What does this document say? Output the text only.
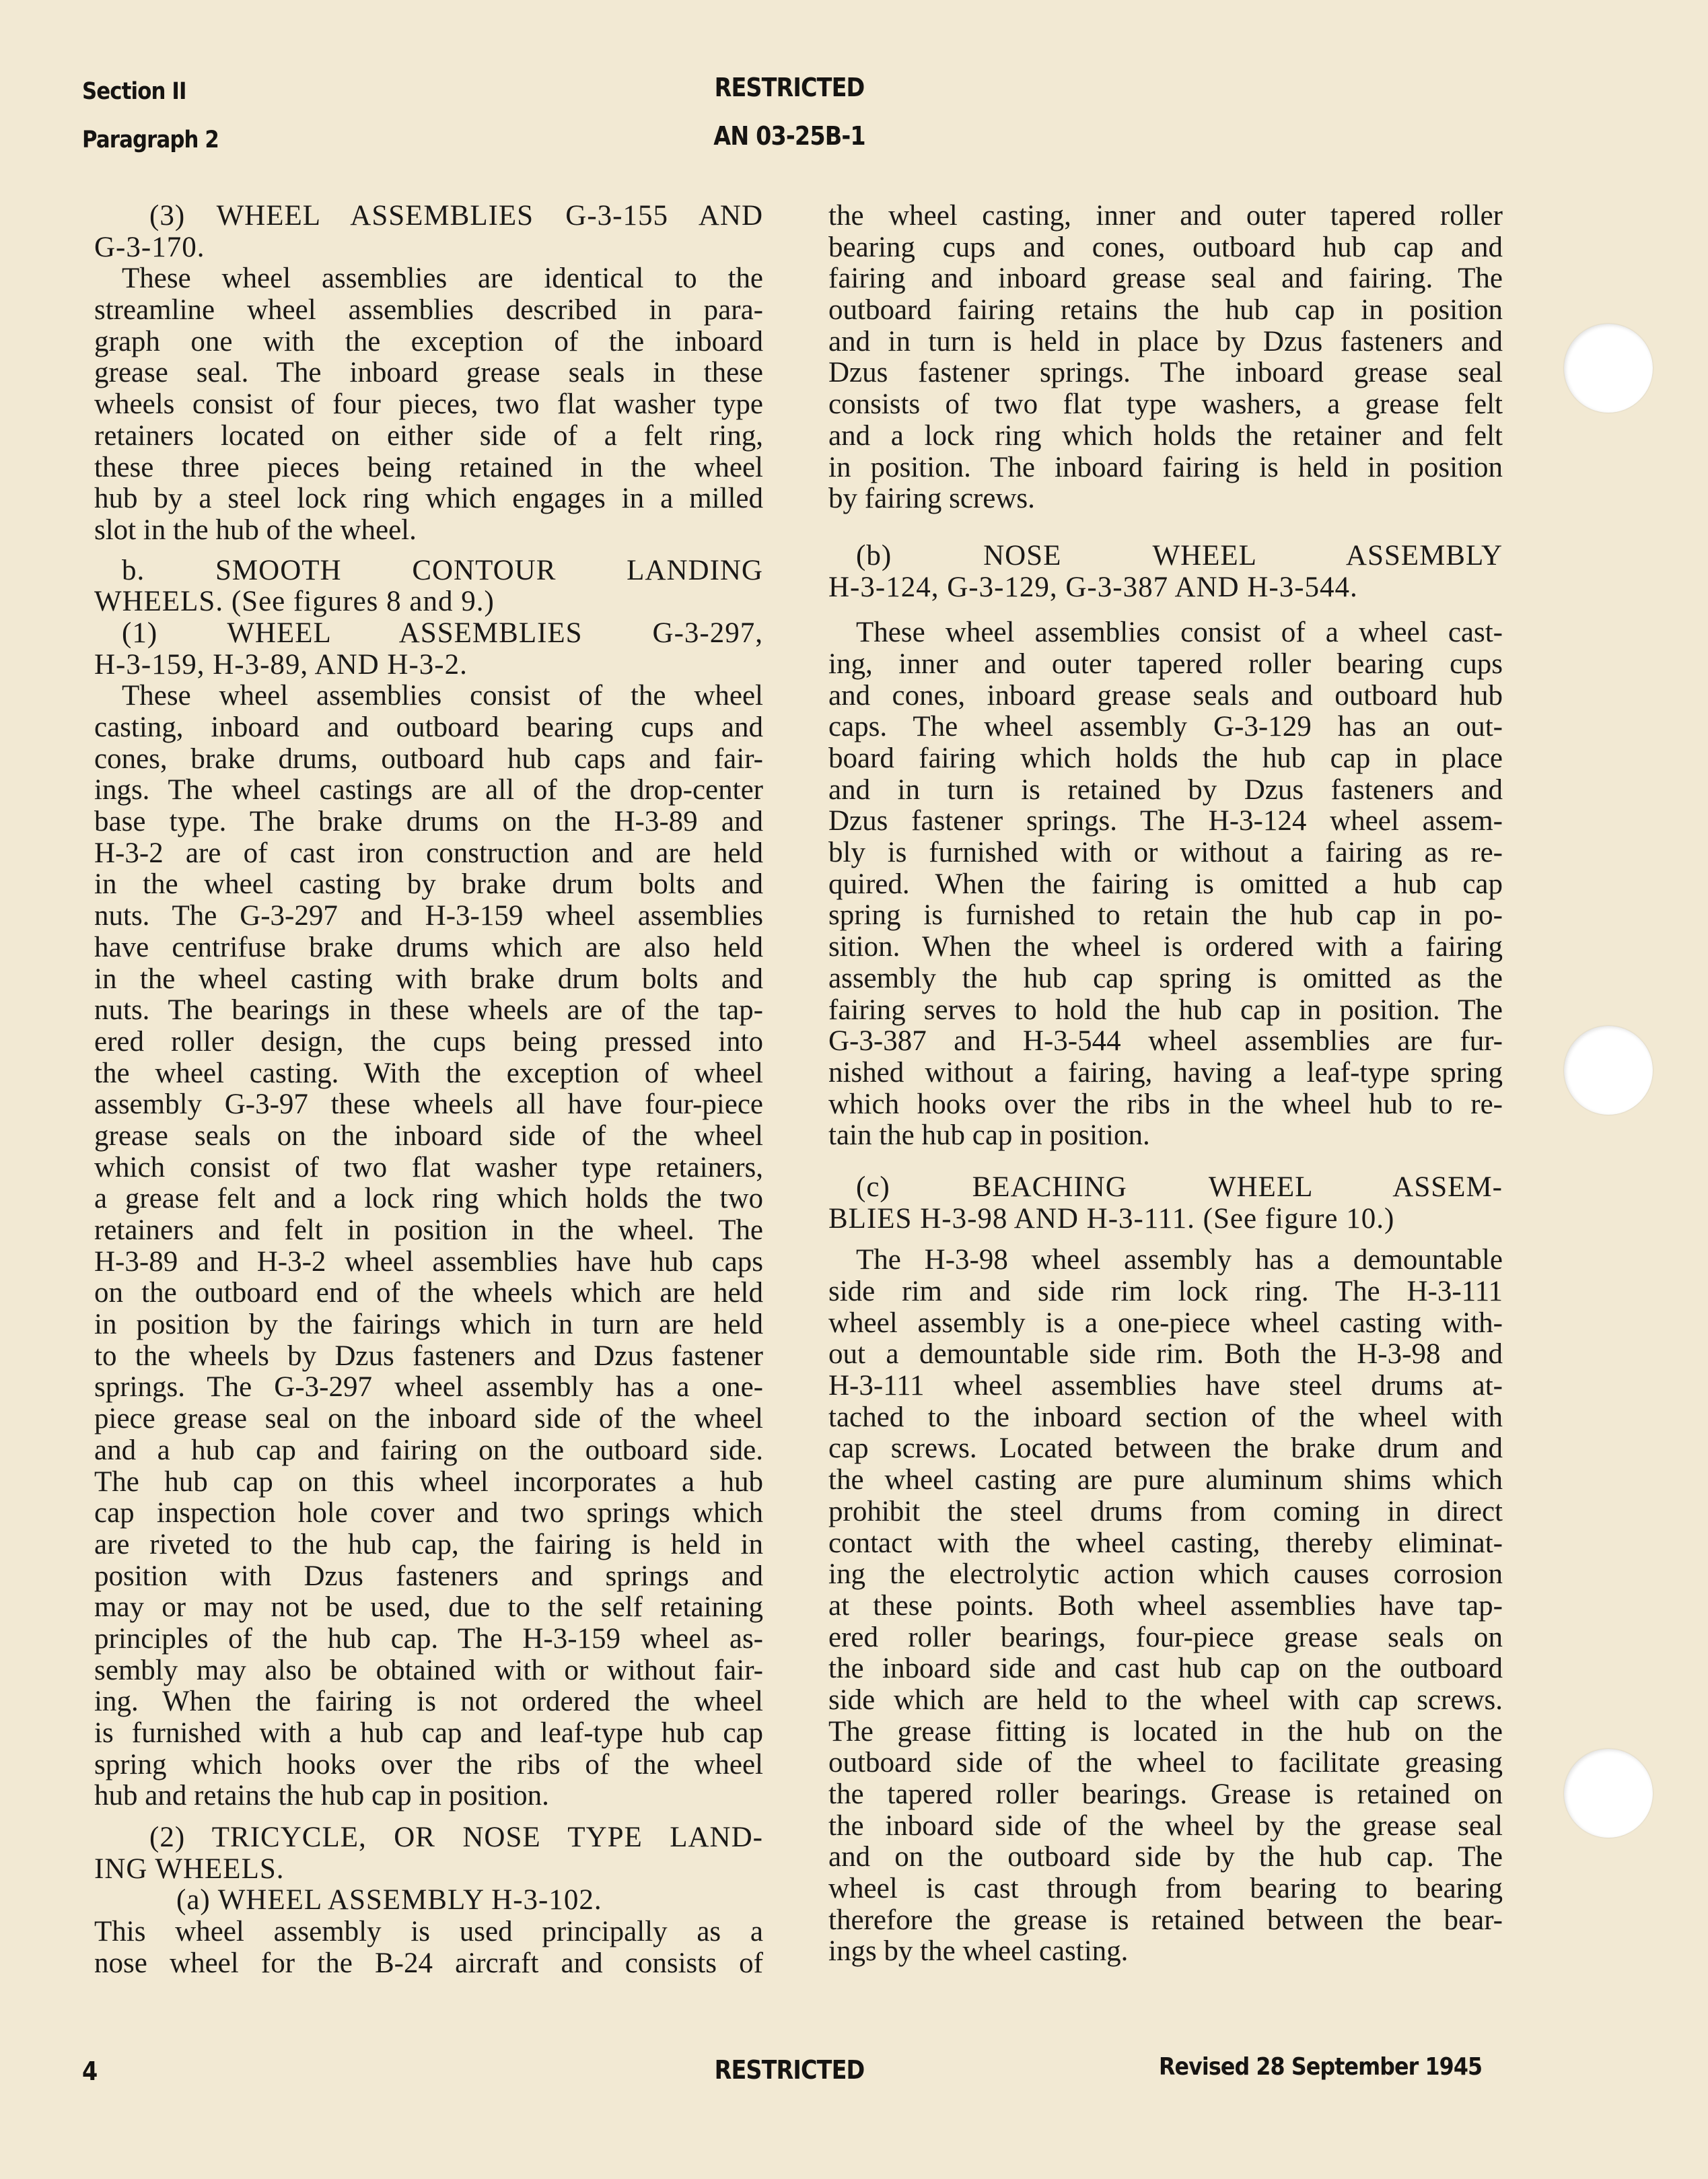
Section II
Paragraph 2
RESTRICTED
AN 03-25B-1
(3) WHEEL ASSEMBLIES G-3-155 AND
G-3-170.
These wheel assemblies are identical to the
streamline wheel assemblies described in para-
graph one with the exception of the inboard
grease seal. The inboard grease seals in these
wheels consist of four pieces, two flat washer type
retainers located on either side of a felt ring,
these three pieces being retained in the wheel
hub by a steel lock ring which engages in a milled
slot in the hub of the wheel.
b. SMOOTH CONTOUR LANDING
WHEELS. (See figures 8 and 9.)
(1) WHEEL ASSEMBLIES G-3-297,
H-3-159, H-3-89, AND H-3-2.
These wheel assemblies consist of the wheel
casting, inboard and outboard bearing cups and
cones, brake drums, outboard hub caps and fair-
ings. The wheel castings are all of the drop-center
base type. The brake drums on the H-3-89 and
H-3-2 are of cast iron construction and are held
in the wheel casting by brake drum bolts and
nuts. The G-3-297 and H-3-159 wheel assemblies
have centrifuse brake drums which are also held
in the wheel casting with brake drum bolts and
nuts. The bearings in these wheels are of the tap-
ered roller design, the cups being pressed into
the wheel casting. With the exception of wheel
assembly G-3-97 these wheels all have four-piece
grease seals on the inboard side of the wheel
which consist of two flat washer type retainers,
a grease felt and a lock ring which holds the two
retainers and felt in position in the wheel. The
H-3-89 and H-3-2 wheel assemblies have hub caps
on the outboard end of the wheels which are held
in position by the fairings which in turn are held
to the wheels by Dzus fasteners and Dzus fastener
springs. The G-3-297 wheel assembly has a one-
piece grease seal on the inboard side of the wheel
and a hub cap and fairing on the outboard side.
The hub cap on this wheel incorporates a hub
cap inspection hole cover and two springs which
are riveted to the hub cap, the fairing is held in
position with Dzus fasteners and springs and
may or may not be used, due to the self retaining
principles of the hub cap. The H-3-159 wheel as-
sembly may also be obtained with or without fair-
ing. When the fairing is not ordered the wheel
is furnished with a hub cap and leaf-type hub cap
spring which hooks over the ribs of the wheel
hub and retains the hub cap in position.
(2) TRICYCLE, OR NOSE TYPE LAND-
ING WHEELS.
(a) WHEEL ASSEMBLY H-3-102.
This wheel assembly is used principally as a
nose wheel for the B-24 aircraft and consists of
the wheel casting, inner and outer tapered roller
bearing cups and cones, outboard hub cap and
fairing and inboard grease seal and fairing. The
outboard fairing retains the hub cap in position
and in turn is held in place by Dzus fasteners and
Dzus fastener springs. The inboard grease seal
consists of two flat type washers, a grease felt
and a lock ring which holds the retainer and felt
in position. The inboard fairing is held in position
by fairing screws.
(b) NOSE WHEEL ASSEMBLY
H-3-124, G-3-129, G-3-387 AND H-3-544.
These wheel assemblies consist of a wheel cast-
ing, inner and outer tapered roller bearing cups
and cones, inboard grease seals and outboard hub
caps. The wheel assembly G-3-129 has an out-
board fairing which holds the hub cap in place
and in turn is retained by Dzus fasteners and
Dzus fastener springs. The H-3-124 wheel assem-
bly is furnished with or without a fairing as re-
quired. When the fairing is omitted a hub cap
spring is furnished to retain the hub cap in po-
sition. When the wheel is ordered with a fairing
assembly the hub cap spring is omitted as the
fairing serves to hold the hub cap in position. The
G-3-387 and H-3-544 wheel assemblies are fur-
nished without a fairing, having a leaf-type spring
which hooks over the ribs in the wheel hub to re-
tain the hub cap in position.
(c) BEACHING WHEEL ASSEM-
BLIES H-3-98 AND H-3-111. (See figure 10.)
The H-3-98 wheel assembly has a demountable
side rim and side rim lock ring. The H-3-111
wheel assembly is a one-piece wheel casting with-
out a demountable side rim. Both the H-3-98 and
H-3-111 wheel assemblies have steel drums at-
tached to the inboard section of the wheel with
cap screws. Located between the brake drum and
the wheel casting are pure aluminum shims which
prohibit the steel drums from coming in direct
contact with the wheel casting, thereby eliminat-
ing the electrolytic action which causes corrosion
at these points. Both wheel assemblies have tap-
ered roller bearings, four-piece grease seals on
the inboard side and cast hub cap on the outboard
side which are held to the wheel with cap screws.
The grease fitting is located in the hub on the
outboard side of the wheel to facilitate greasing
the tapered roller bearings. Grease is retained on
the inboard side of the wheel by the grease seal
and on the outboard side by the hub cap. The
wheel is cast through from bearing to bearing
therefore the grease is retained between the bear-
ings by the wheel casting.
4	RESTRICTED	Revised 28 September 1945
